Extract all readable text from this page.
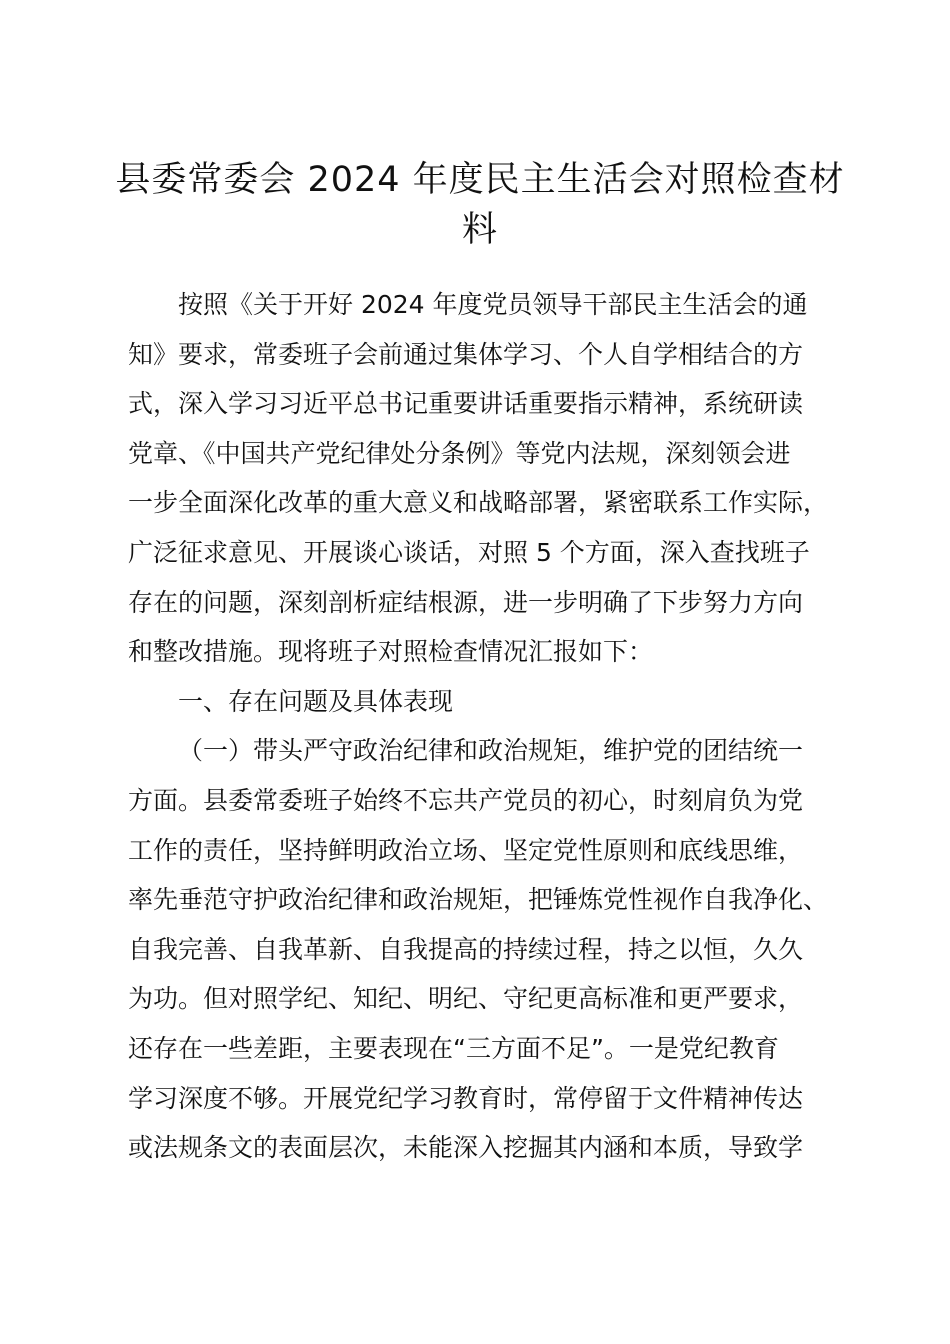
县委常委会 2024 年度民主生活会对照检查材
料
按照《关于开好 2024 年度党员领导干部民主生活会的通
知》要求，常委班子会前通过集体学习、个人自学相结合的方
式，深入学习习近平总书记重要讲话重要指示精神，系统研读
党章、《中国共产党纪律处分条例》等党内法规，深刻领会进
一步全面深化改革的重大意义和战略部署，紧密联系工作实际，
广泛征求意见、开展谈心谈话，对照 5 个方面，深入查找班子
存在的问题，深刻剖析症结根源，进一步明确了下步努力方向
和整改措施。现将班子对照检查情况汇报如下：
一、存在问题及具体表现
（一）带头严守政治纪律和政治规矩，维护党的团结统一
方面。县委常委班子始终不忘共产党员的初心，时刻肩负为党
工作的责任，坚持鲜明政治立场、坚定党性原则和底线思维，
率先垂范守护政治纪律和政治规矩，把锤炼党性视作自我净化、
自我完善、自我革新、自我提高的持续过程，持之以恒，久久
为功。但对照学纪、知纪、明纪、守纪更高标准和更严要求，
还存在一些差距，主要表现在“三方面不足”。一是党纪教育
学习深度不够。开展党纪学习教育时，常停留于文件精神传达
或法规条文的表面层次，未能深入挖掘其内涵和本质，导致学
